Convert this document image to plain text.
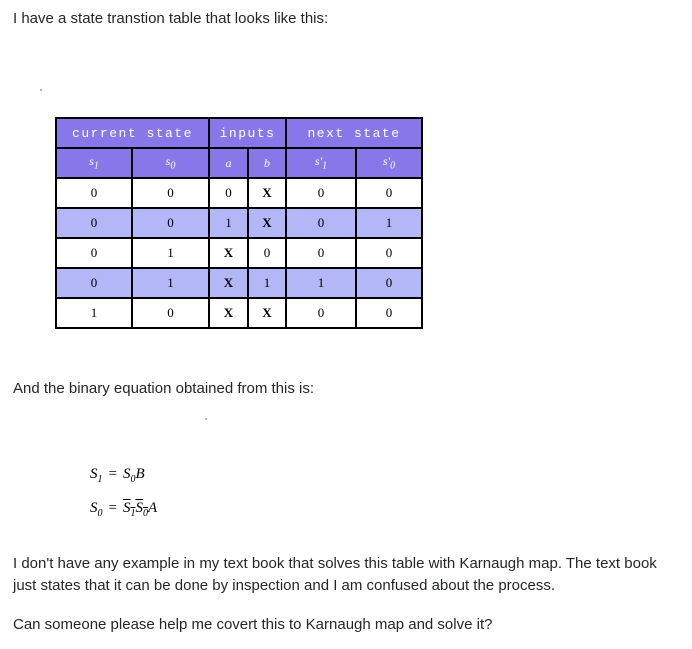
I have a state transtion table that looks like this:

current state		inputs		next state	
$s_1$	$s_0$	a	b	$s'_1$	$s'_0$
0	0	0	X	0	0
0	0	1	X	0	1
0	1	X	0	0	0
0	1	X	1	1	0
1	0	X	X	0	0

And the binary equation obtained from this is:

$S_1 = S_0B$
$S_0 = S_1S_0A$

I don't have any example in my text book that solves this table with Karnaugh map. The text book just states that it can be done by inspection and I am confused about the process.

Can someone please help me covert this to Karnaugh map and solve it?
